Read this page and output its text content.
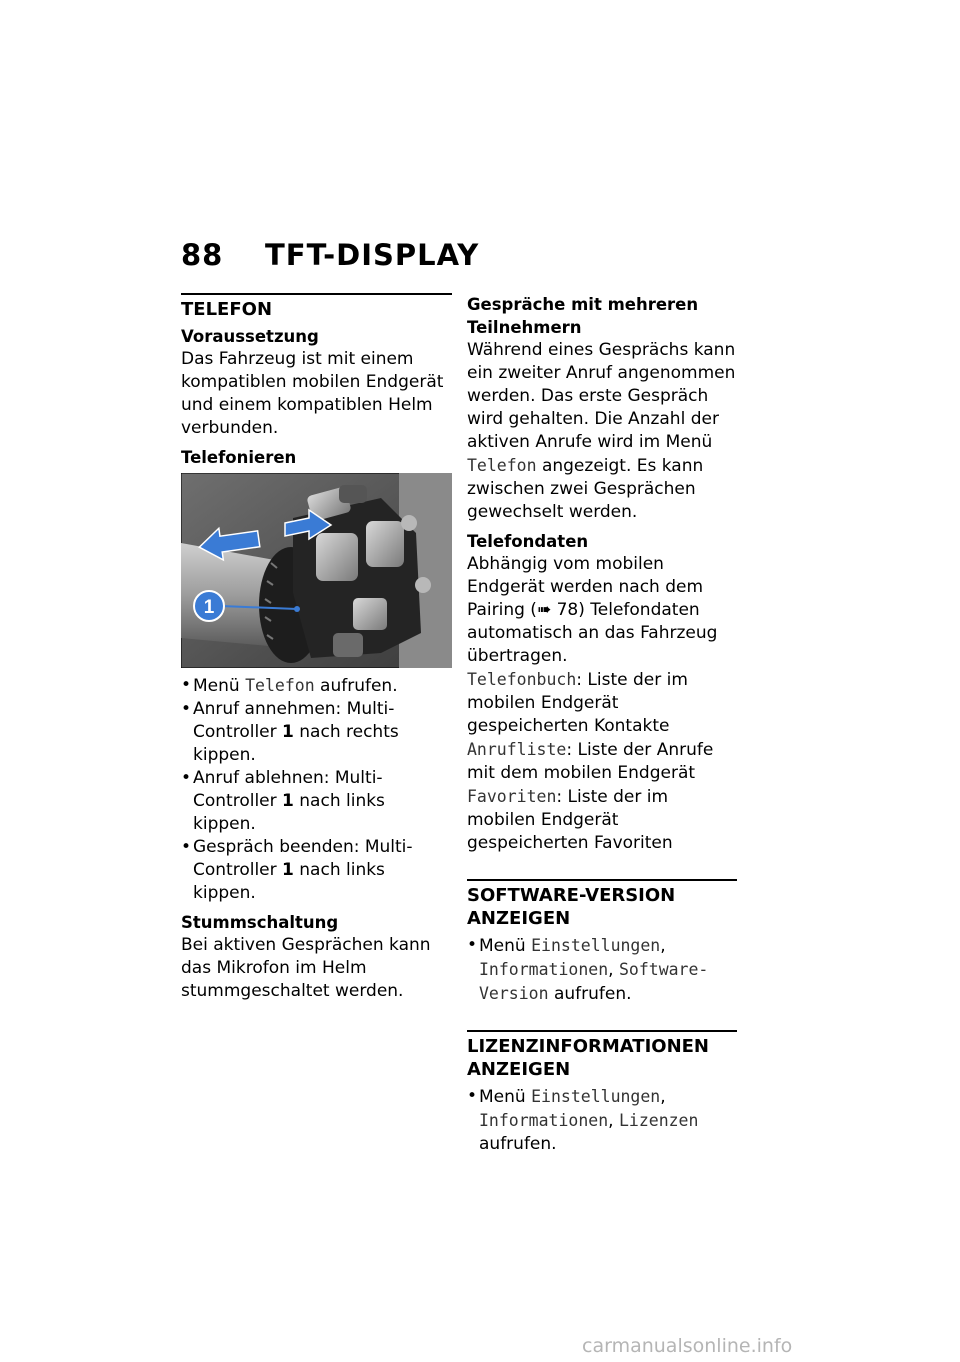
88 TFT-DISPLAY
TELEFON
Voraussetzung

Das Fahrzeug ist mit einem kompatiblen mobilen Endgerät und einem kompatiblen Helm verbunden.

Telefonieren
1
• Menü Telefon aufrufen.
• Anruf annehmen: Multi-Controller 1 nach rechts kippen.
• Anruf ablehnen: Multi-Controller 1 nach links kippen.
• Gespräch beenden: Multi-Controller 1 nach links kippen.
Stummschaltung

Bei aktiven Gesprächen kann das Mikrofon im Helm stummgeschaltet werden.

Gespräche mit mehreren Teilnehmern

Während eines Gesprächs kann ein zweiter Anruf angenommen werden. Das erste Gespräch wird gehalten. Die Anzahl der aktiven Anrufe wird im Menü Telefon angezeigt. Es kann zwischen zwei Gesprächen gewechselt werden.

Telefondaten

Abhängig vom mobilen Endgerät werden nach dem Pairing (➠ 78) Telefondaten automatisch an das Fahrzeug übertragen.

Telefonbuch: Liste der im mobilen Endgerät gespeicherten Kontakte

Anrufliste: Liste der Anrufe mit dem mobilen Endgerät

Favoriten: Liste der im mobilen Endgerät gespeicherten Favoriten

SOFTWARE-VERSION ANZEIGEN
• Menü Einstellungen, Informationen, Software-Version aufrufen.
LIZENZINFORMATIONEN ANZEIGEN
• Menü Einstellungen, Informationen, Lizenzen aufrufen.
carmanualsonline.info
